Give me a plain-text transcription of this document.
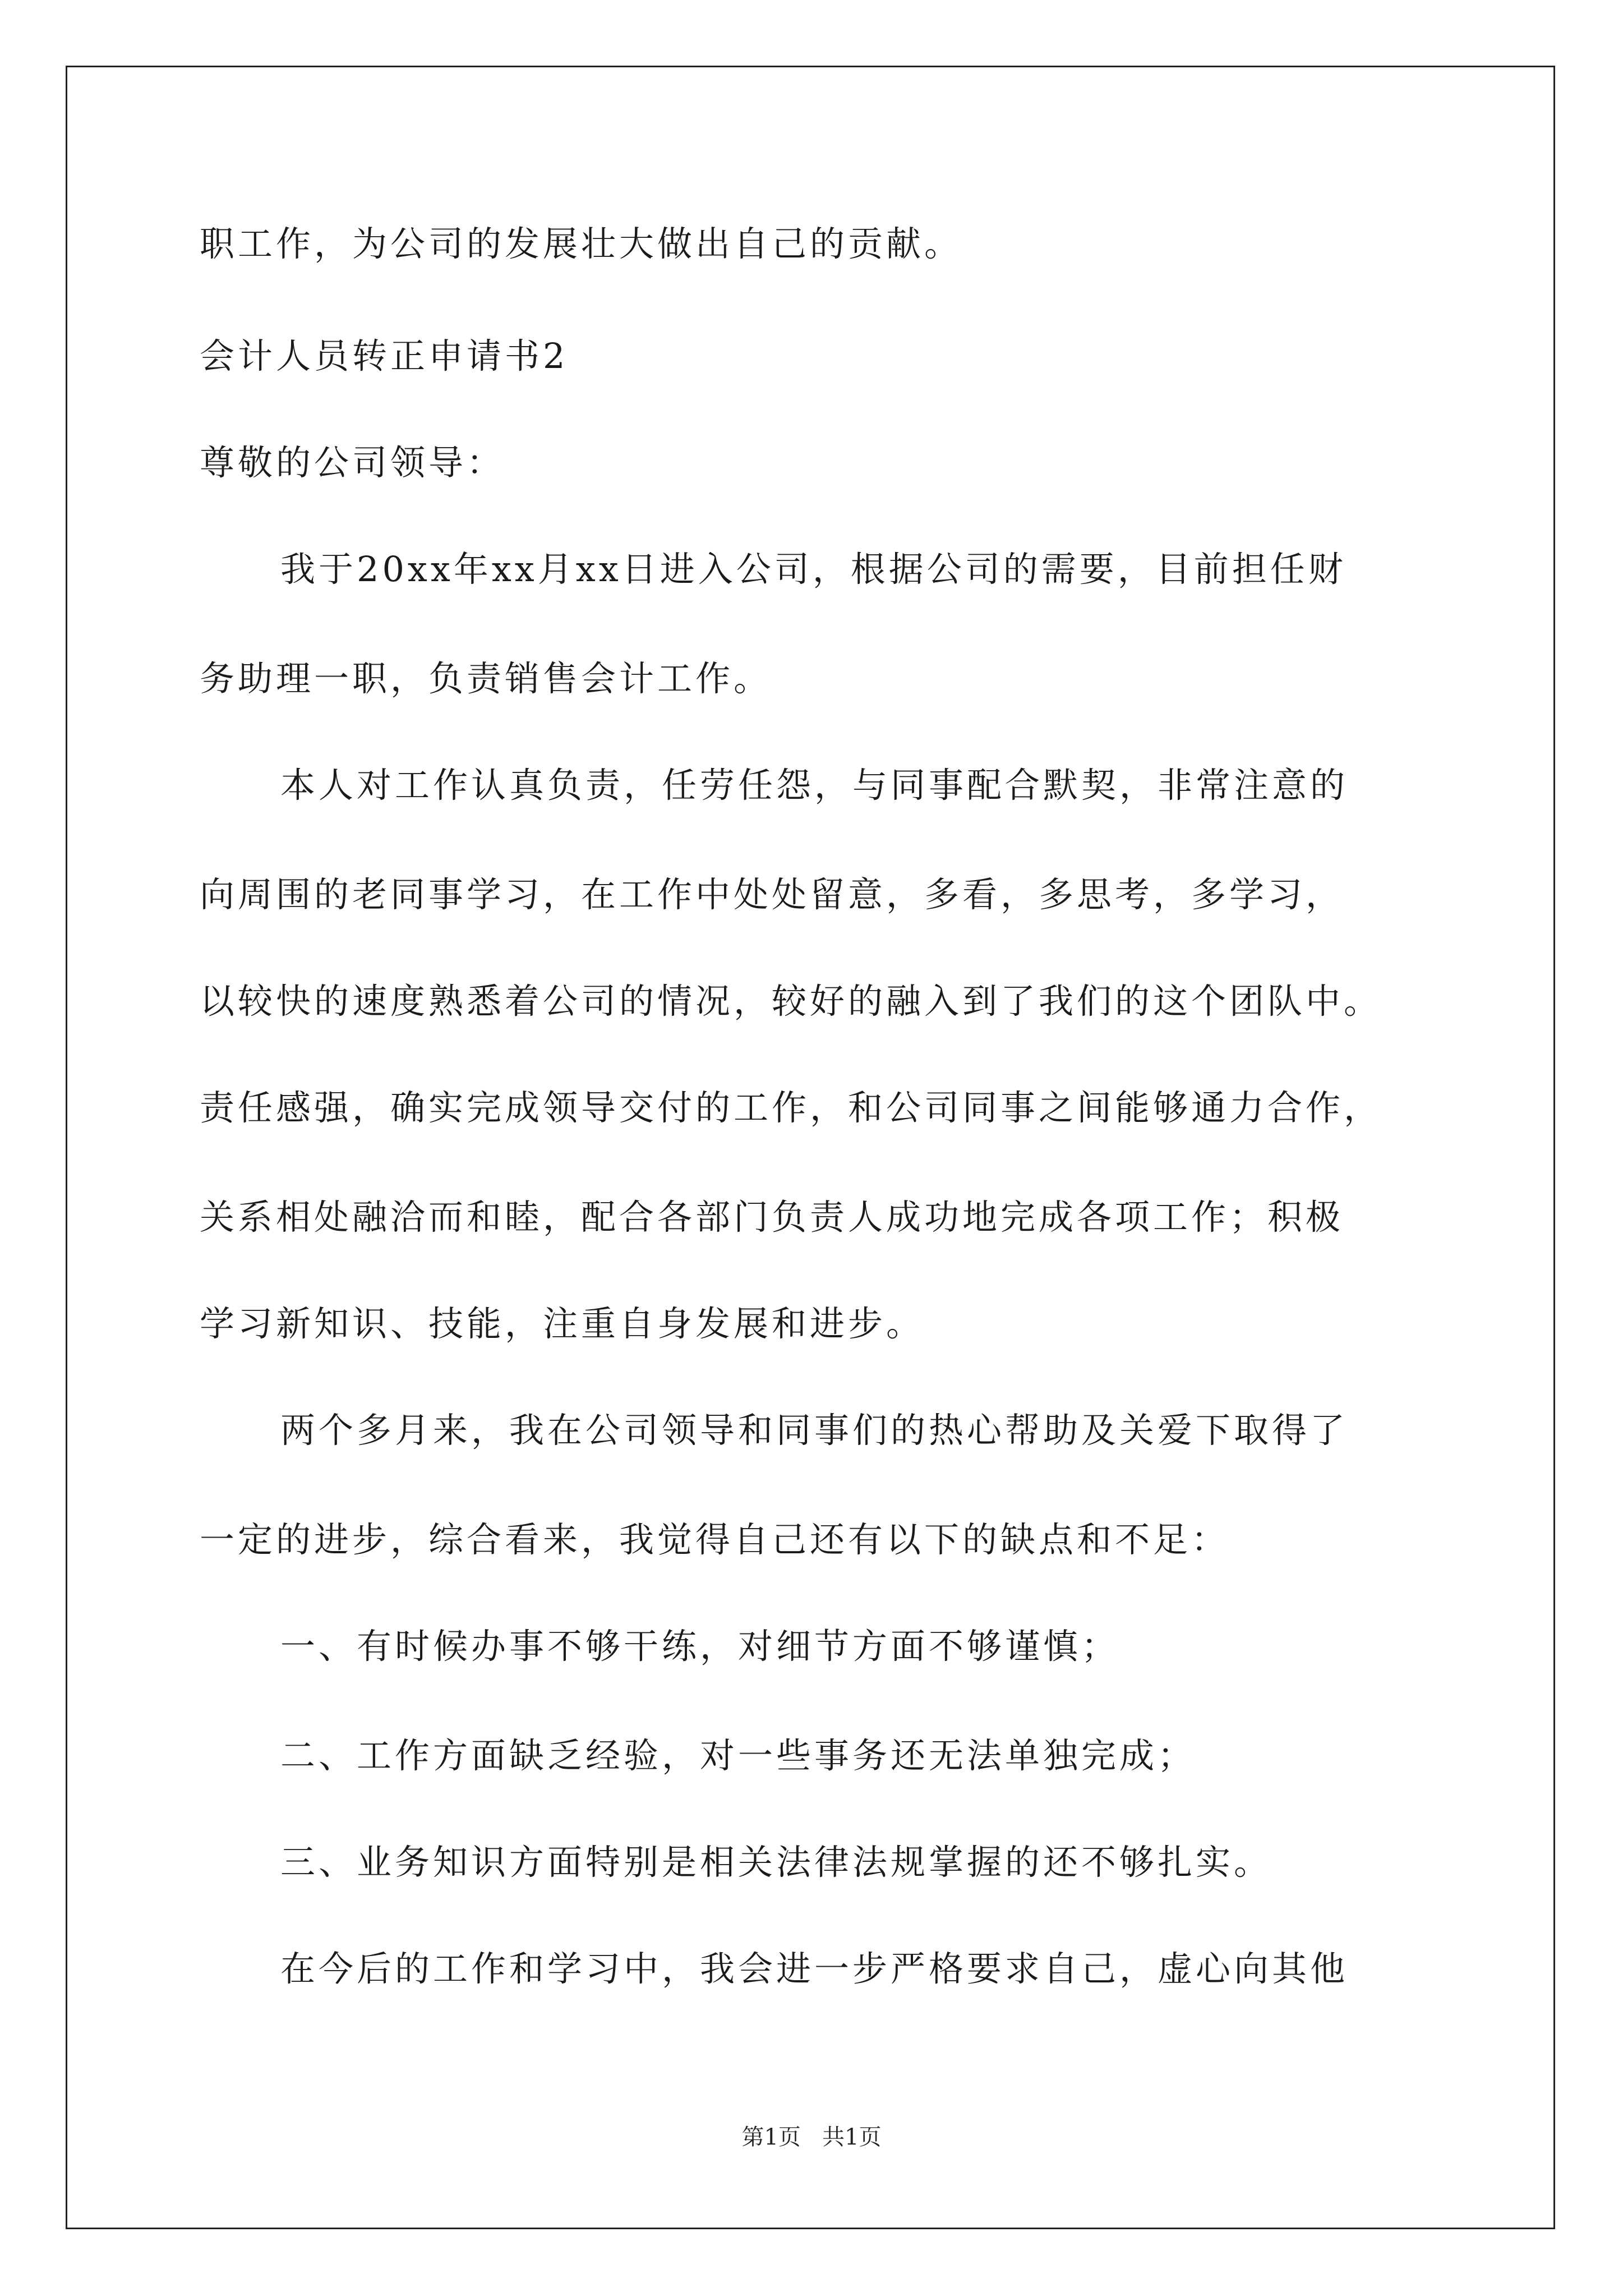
职工作，为公司的发展壮大做出自己的贡献。
会计人员转正申请书2
尊敬的公司领导：
我于20xx年xx月xx日进入公司，根据公司的需要，目前担任财
务助理一职，负责销售会计工作。
本人对工作认真负责，任劳任怨，与同事配合默契，非常注意的
向周围的老同事学习，在工作中处处留意，多看，多思考，多学习，
以较快的速度熟悉着公司的情况，较好的融入到了我们的这个团队中。
责任感强，确实完成领导交付的工作，和公司同事之间能够通力合作，
关系相处融洽而和睦，配合各部门负责人成功地完成各项工作；积极
学习新知识、技能，注重自身发展和进步。
两个多月来，我在公司领导和同事们的热心帮助及关爱下取得了
一定的进步，综合看来，我觉得自己还有以下的缺点和不足：
一、有时候办事不够干练，对细节方面不够谨慎；
二、工作方面缺乏经验，对一些事务还无法单独完成；
三、业务知识方面特别是相关法律法规掌握的还不够扎实。
在今后的工作和学习中，我会进一步严格要求自己，虚心向其他
第1页   共1页
